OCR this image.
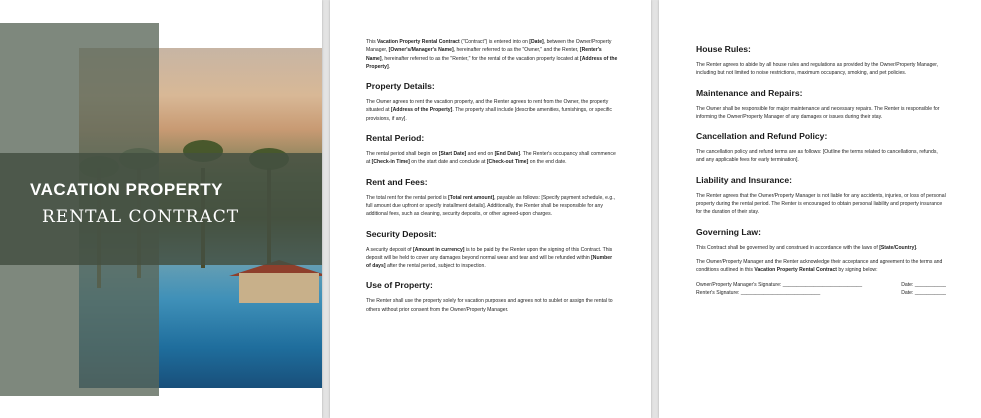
VACATION PROPERTY
RENTAL CONTRACT

This Vacation Property Rental Contract ("Contract") is entered into on [Date], between the Owner/Property Manager, [Owner's/Manager's Name], hereinafter referred to as the "Owner," and the Renter, [Renter's Name], hereinafter referred to as the "Renter," for the rental of the vacation property located at [Address of the Property].

Property Details:

The Owner agrees to rent the vacation property, and the Renter agrees to rent from the Owner, the property situated at [Address of the Property]. The property shall include [describe amenities, furnishings, or specific provisions, if any].

Rental Period:

The rental period shall begin on [Start Date] and end on [End Date]. The Renter's occupancy shall commence at [Check-in Time] on the start date and conclude at [Check-out Time] on the end date.

Rent and Fees:

The total rent for the rental period is [Total rent amount], payable as follows: [Specify payment schedule, e.g., full amount due upfront or specify installment details]. Additionally, the Renter shall be responsible for any additional fees, such as cleaning, security deposits, or other agreed-upon charges.

Security Deposit:

A security deposit of [Amount in currency] is to be paid by the Renter upon the signing of this Contract. This deposit will be held to cover any damages beyond normal wear and tear and will be refunded within [Number of days] after the rental period, subject to inspection.

Use of Property:

The Renter shall use the property solely for vacation purposes and agrees not to sublet or assign the rental to others without prior consent from the Owner/Property Manager.

House Rules:

The Renter agrees to abide by all house rules and regulations as provided by the Owner/Property Manager, including but not limited to noise restrictions, maximum occupancy, smoking, and pet policies.

Maintenance and Repairs:

The Owner shall be responsible for major maintenance and necessary repairs. The Renter is responsible for informing the Owner/Property Manager of any damages or issues during their stay.

Cancellation and Refund Policy:

The cancellation policy and refund terms are as follows: [Outline the terms related to cancellations, refunds, and any applicable fees for early termination].

Liability and Insurance:

The Renter agrees that the Owner/Property Manager is not liable for any accidents, injuries, or loss of personal property during the rental period. The Renter is encouraged to obtain personal liability and property insurance for the duration of their stay.

Governing Law:

This Contract shall be governed by and construed in accordance with the laws of [State/Country].

The Owner/Property Manager and the Renter acknowledge their acceptance and agreement to the terms and conditions outlined in this Vacation Property Rental Contract by signing below:

Owner/Property Manager's Signature: ____________________________	Date: ___________
Renter's Signature: ____________________________	Date: ___________
